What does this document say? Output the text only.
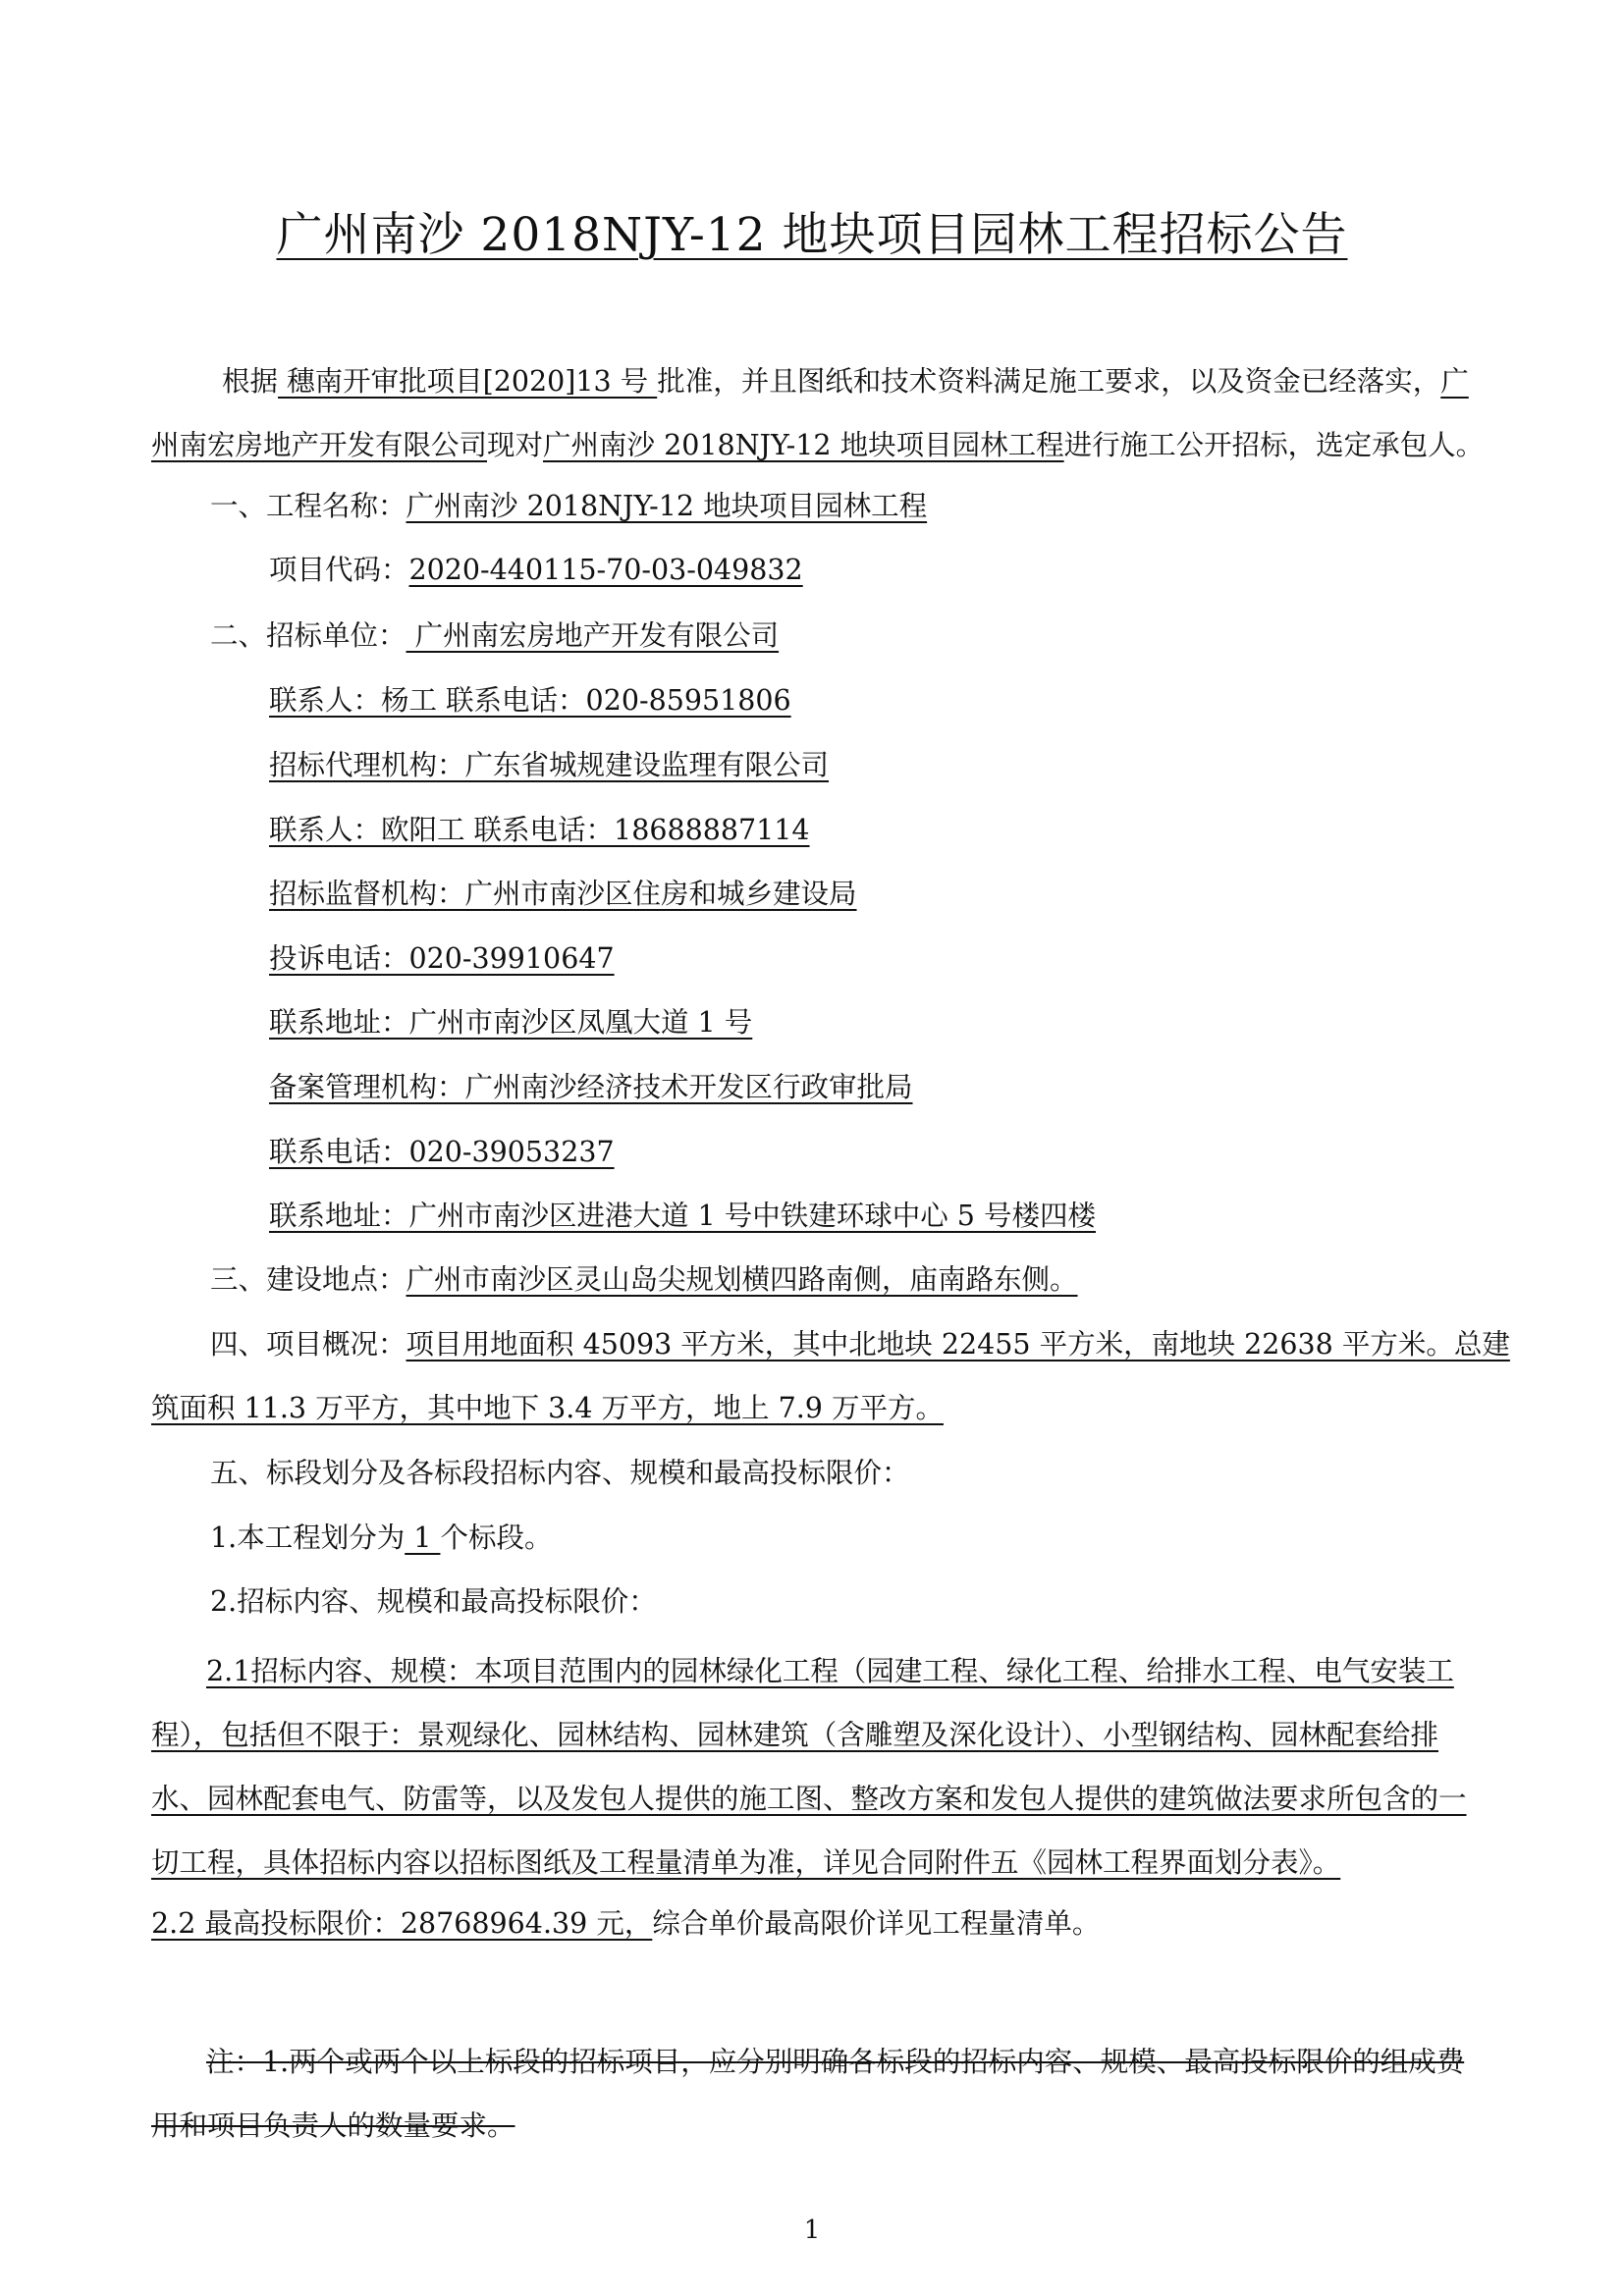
广州南沙 2018NJY-12 地块项目园林工程招标公告
根据 穗南开审批项目[2020]13 号 批准，并且图纸和技术资料满足施工要求，以及资金已经落实，广州南宏房地产开发有限公司现对广州南沙 2018NJY-12 地块项目园林工程进行施工公开招标，选定承包人。
一、工程名称：广州南沙 2018NJY-12 地块项目园林工程
项目代码：2020-440115-70-03-049832
二、招标单位： 广州南宏房地产开发有限公司
联系人：杨工 联系电话：020-85951806
招标代理机构：广东省城规建设监理有限公司
联系人：欧阳工 联系电话：18688887114
招标监督机构：广州市南沙区住房和城乡建设局
投诉电话：020-39910647
联系地址：广州市南沙区凤凰大道 1 号
备案管理机构：广州南沙经济技术开发区行政审批局
联系电话：020-39053237
联系地址：广州市南沙区进港大道 1 号中铁建环球中心 5 号楼四楼
三、建设地点：广州市南沙区灵山岛尖规划横四路南侧，庙南路东侧。
四、项目概况：项目用地面积 45093 平方米，其中北地块 22455 平方米，南地块 22638 平方米。总建
筑面积 11.3 万平方，其中地下 3.4 万平方，地上 7.9 万平方。
五、标段划分及各标段招标内容、规模和最高投标限价：
1.本工程划分为 1 个标段。
2.招标内容、规模和最高投标限价：
2.1招标内容、规模：本项目范围内的园林绿化工程（园建工程、绿化工程、给排水工程、电气安装工程），包括但不限于：景观绿化、园林结构、园林建筑（含雕塑及深化设计）、小型钢结构、园林配套给排水、园林配套电气、防雷等，以及发包人提供的施工图、整改方案和发包人提供的建筑做法要求所包含的一切工程，具体招标内容以招标图纸及工程量清单为准，详见合同附件五《园林工程界面划分表》。
2.2 最高投标限价：28768964.39 元，综合单价最高限价详见工程量清单。
注：1.两个或两个以上标段的招标项目，应分别明确各标段的招标内容、规模、最高投标限价的组成费用和项目负责人的数量要求。
1
